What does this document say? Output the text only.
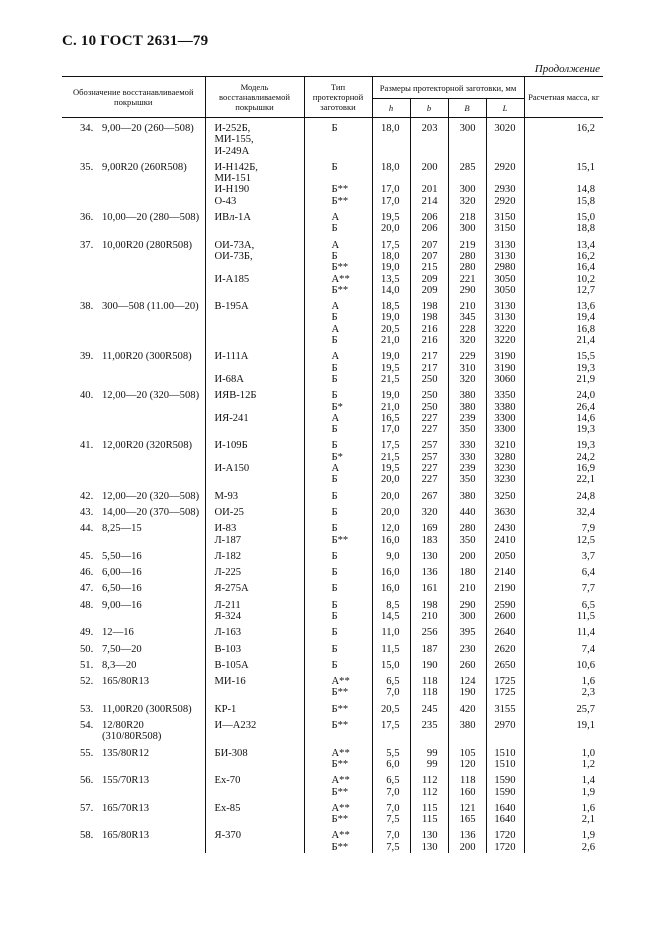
С. 10 ГОСТ 2631—79
Продолжение
Обозначение восстанавливаемой покрышки	Модель восстанавливаемой покрышки	Тип протекторной заготовки	Размеры протекторной заготовки, мм				Расчетная масса, кг
			h	b	B	L	
34. 9,00—20 (260—508)	И-252Б,	Б	18,0	203	300	3020	16,2
	МИ-155,						
	И-249А						
35. 9,00R20 (260R508)	И-Н142Б,	Б	18,0	200	285	2920	15,1
	МИ-151						
	И-Н190	Б**	17,0	201	300	2930	14,8
	О-43	Б**	17,0	214	320	2920	15,8
36. 10,00—20 (280—508)	ИВл-1А	А	19,5	206	218	3150	15,0
		Б	20,0	206	300	3150	18,8
37. 10,00R20 (280R508)	ОИ-73А,	А	17,5	207	219	3130	13,4
	ОИ-73Б,	Б	18,0	207	280	3130	16,2
		Б**	19,0	215	280	2980	16,4
	И-А185	А**	13,5	209	221	3050	10,2
		Б**	14,0	209	290	3050	12,7
38. 300—508 (11.00—20)	В-195А	А	18,5	198	210	3130	13,6
		Б	19,0	198	345	3130	19,4
		А	20,5	216	228	3220	16,8
		Б	21,0	216	320	3220	21,4
39. 11,00R20 (300R508)	И-111А	А	19,0	217	229	3190	15,5
		Б	19,5	217	310	3190	19,3
	И-68А	Б	21,5	250	320	3060	21,9
40. 12,00—20 (320—508)	ИЯВ-12Б	Б	19,0	250	380	3350	24,0
		Б*	21,0	250	380	3380	26,4
	ИЯ-241	А	16,5	227	239	3300	14,6
		Б	17,0	227	350	3300	19,3
41. 12,00R20 (320R508)	И-109Б	Б	17,5	257	330	3210	19,3
		Б*	21,5	257	330	3280	24,2
	И-А150	А	19,5	227	239	3230	16,9
		Б	20,0	227	350	3230	22,1
42. 12,00—20 (320—508)	М-93	Б	20,0	267	380	3250	24,8
43. 14,00—20 (370—508)	ОИ-25	Б	20,0	320	440	3630	32,4
44. 8,25—15	И-83	Б	12,0	169	280	2430	7,9
	Л-187	Б**	16,0	183	350	2410	12,5
45. 5,50—16	Л-182	Б	9,0	130	200	2050	3,7
46. 6,00—16	Л-225	Б	16,0	136	180	2140	6,4
47. 6,50—16	Я-275А	Б	16,0	161	210	2190	7,7
48. 9,00—16	Л-211	Б	8,5	198	290	2590	6,5
	Я-324	Б	14,5	210	300	2600	11,5
49. 12—16	Л-163	Б	11,0	256	395	2640	11,4
50. 7,50—20	В-103	Б	11,5	187	230	2620	7,4
51. 8,3—20	В-105А	Б	15,0	190	260	2650	10,6
52. 165/80R13	МИ-16	А**	6,5	118	124	1725	1,6
		Б**	7,0	118	190	1725	2,3
53. 11,00R20 (300R508)	КР-1	Б**	20,5	245	420	3155	25,7
54. 12/80R20	И—А232	Б**	17,5	235	380	2970	19,1
(310/80R508)							
55. 135/80R12	БИ-308	А**	5,5	99	105	1510	1,0
		Б**	6,0	99	120	1510	1,2
56. 155/70R13	Ех-70	А**	6,5	112	118	1590	1,4
		Б**	7,0	112	160	1590	1,9
57. 165/70R13	Ех-85	А**	7,0	115	121	1640	1,6
		Б**	7,5	115	165	1640	2,1
58. 165/80R13	Я-370	А**	7,0	130	136	1720	1,9
		Б**	7,5	130	200	1720	2,6
